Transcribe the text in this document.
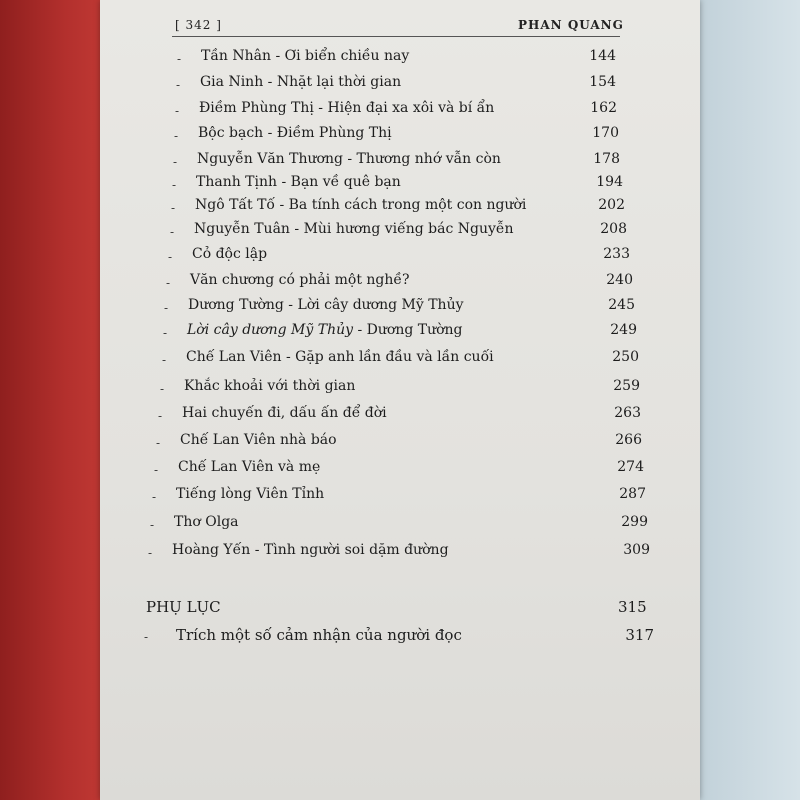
[ 342 ]	PHAN QUANG
- Tần Nhân - Ơi biển chiều nay	144
- Gia Ninh - Nhặt lại thời gian	154
- Điềm Phùng Thị - Hiện đại xa xôi và bí ẩn	162
- Bộc bạch - Điềm Phùng Thị	170
- Nguyễn Văn Thương - Thương nhớ vẫn còn	178
- Thanh Tịnh - Bạn về quê bạn	194
- Ngô Tất Tố - Ba tính cách trong một con người	202
- Nguyễn Tuân - Mùi hương viếng bác Nguyễn	208
- Cỏ độc lập	233
- Văn chương có phải một nghề?	240
- Dương Tường - Lời cây dương Mỹ Thủy	245
- Lời cây dương Mỹ Thủy - Dương Tường	249
- Chế Lan Viên - Gặp anh lần đầu và lần cuối	250
- Khắc khoải với thời gian	259
- Hai chuyến đi, dấu ấn để đời	263
- Chế Lan Viên nhà báo	266
- Chế Lan Viên và mẹ	274
- Tiếng lòng Viên Tỉnh	287
- Thơ Olga	299
- Hoàng Yến - Tình người soi dặm đường	309
PHỤ LỤC	315
- Trích một số cảm nhận của người đọc	317
